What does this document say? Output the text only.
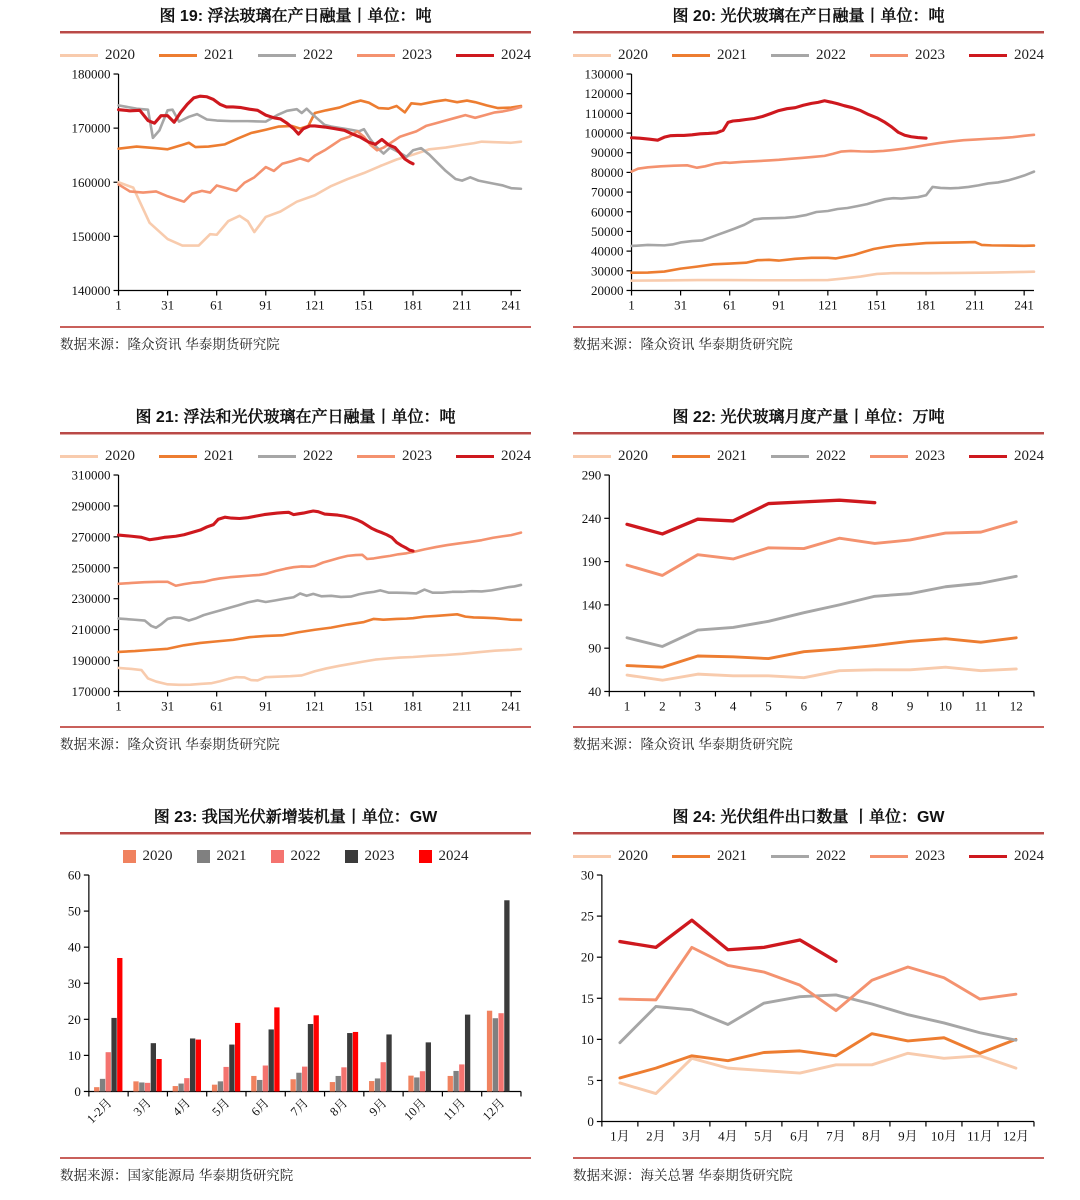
图 19: 浮法玻璃在产日融量丨单位：吨
2020	2021	2022	2023	2024
140000
150000
160000
170000
180000
1	31	61	91	121 151 181 211 241
数据来源：隆众资讯 华泰期货研究院
图 20: 光伏玻璃在产日融量丨单位：吨
2020	2021	2022	2023	2024
20000
30000
40000
50000
60000
70000
80000
90000
100000
110000
120000
130000
1	31	61	91	121 151 181 211 241
数据来源：隆众资讯 华泰期货研究院
图 21: 浮法和光伏玻璃在产日融量丨单位：吨
2020	2021	2022	2023	2024
170000
190000
210000
230000
250000
270000
290000
310000
1	31	61	91	121 151 181 211 241
数据来源：隆众资讯 华泰期货研究院
图 22: 光伏玻璃月度产量丨单位：万吨
2020	2021	2022	2023	2024
40
90
140
190
240
290
1 2 3 4 5 6 7 8 9 10 11 12
数据来源：隆众资讯 华泰期货研究院
图 23: 我国光伏新增装机量丨单位：GW
2020	2021	2022	2023	2024
0
10
20
30
40
50
60
1-2月 3月 4月 5月 6月 7月 8月 9月 10月 11月 12月
数据来源：国家能源局 华泰期货研究院
图 24: 光伏组件出口数量 丨单位：GW
2020	2021	2022	2023	2024
0
5
10
15
20
25
30
1月 2月 3月 4月 5月 6月 7月 8月 9月 10月 11月 12月
数据来源：海关总署 华泰期货研究院
